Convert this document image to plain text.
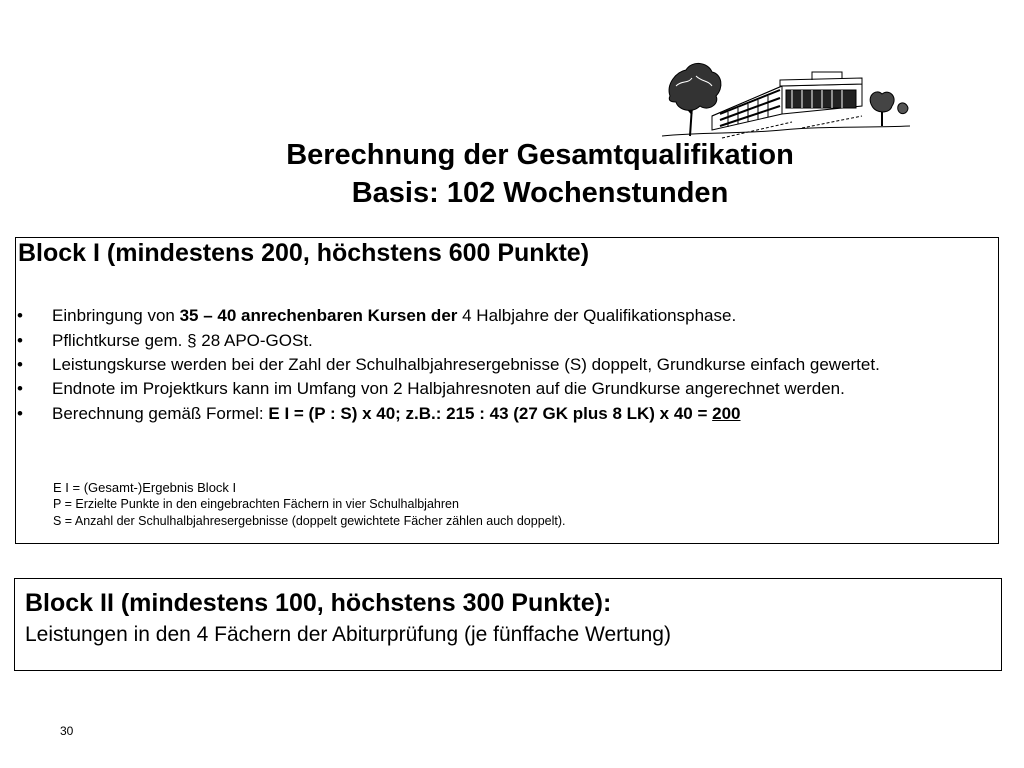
Berechnung der Gesamtqualifikation
Basis: 102 Wochenstunden
Block I (mindestens 200, höchstens 600 Punkte)
• Einbringung von 35 – 40 anrechenbaren Kursen der 4 Halbjahre der Qualifikationsphase.
• Pflichtkurse gem. § 28 APO-GOSt.
• Leistungskurse werden bei der Zahl der Schulhalbjahresergebnisse (S) doppelt, Grundkurse einfach gewertet.
• Endnote im Projektkurs kann im Umfang von 2 Halbjahresnoten auf die Grundkurse angerechnet werden.
• Berechnung gemäß Formel: E I = (P : S) x 40; z.B.: 215 : 43 (27 GK plus 8 LK) x 40 = 200
E I = (Gesamt-)Ergebnis Block I
P = Erzielte Punkte in den eingebrachten Fächern in vier Schulhalbjahren
S = Anzahl der Schulhalbjahresergebnisse (doppelt gewichtete Fächer zählen auch doppelt).
Block II (mindestens 100, höchstens 300 Punkte):
Leistungen in den 4 Fächern der Abiturprüfung (je fünffache Wertung)
30
